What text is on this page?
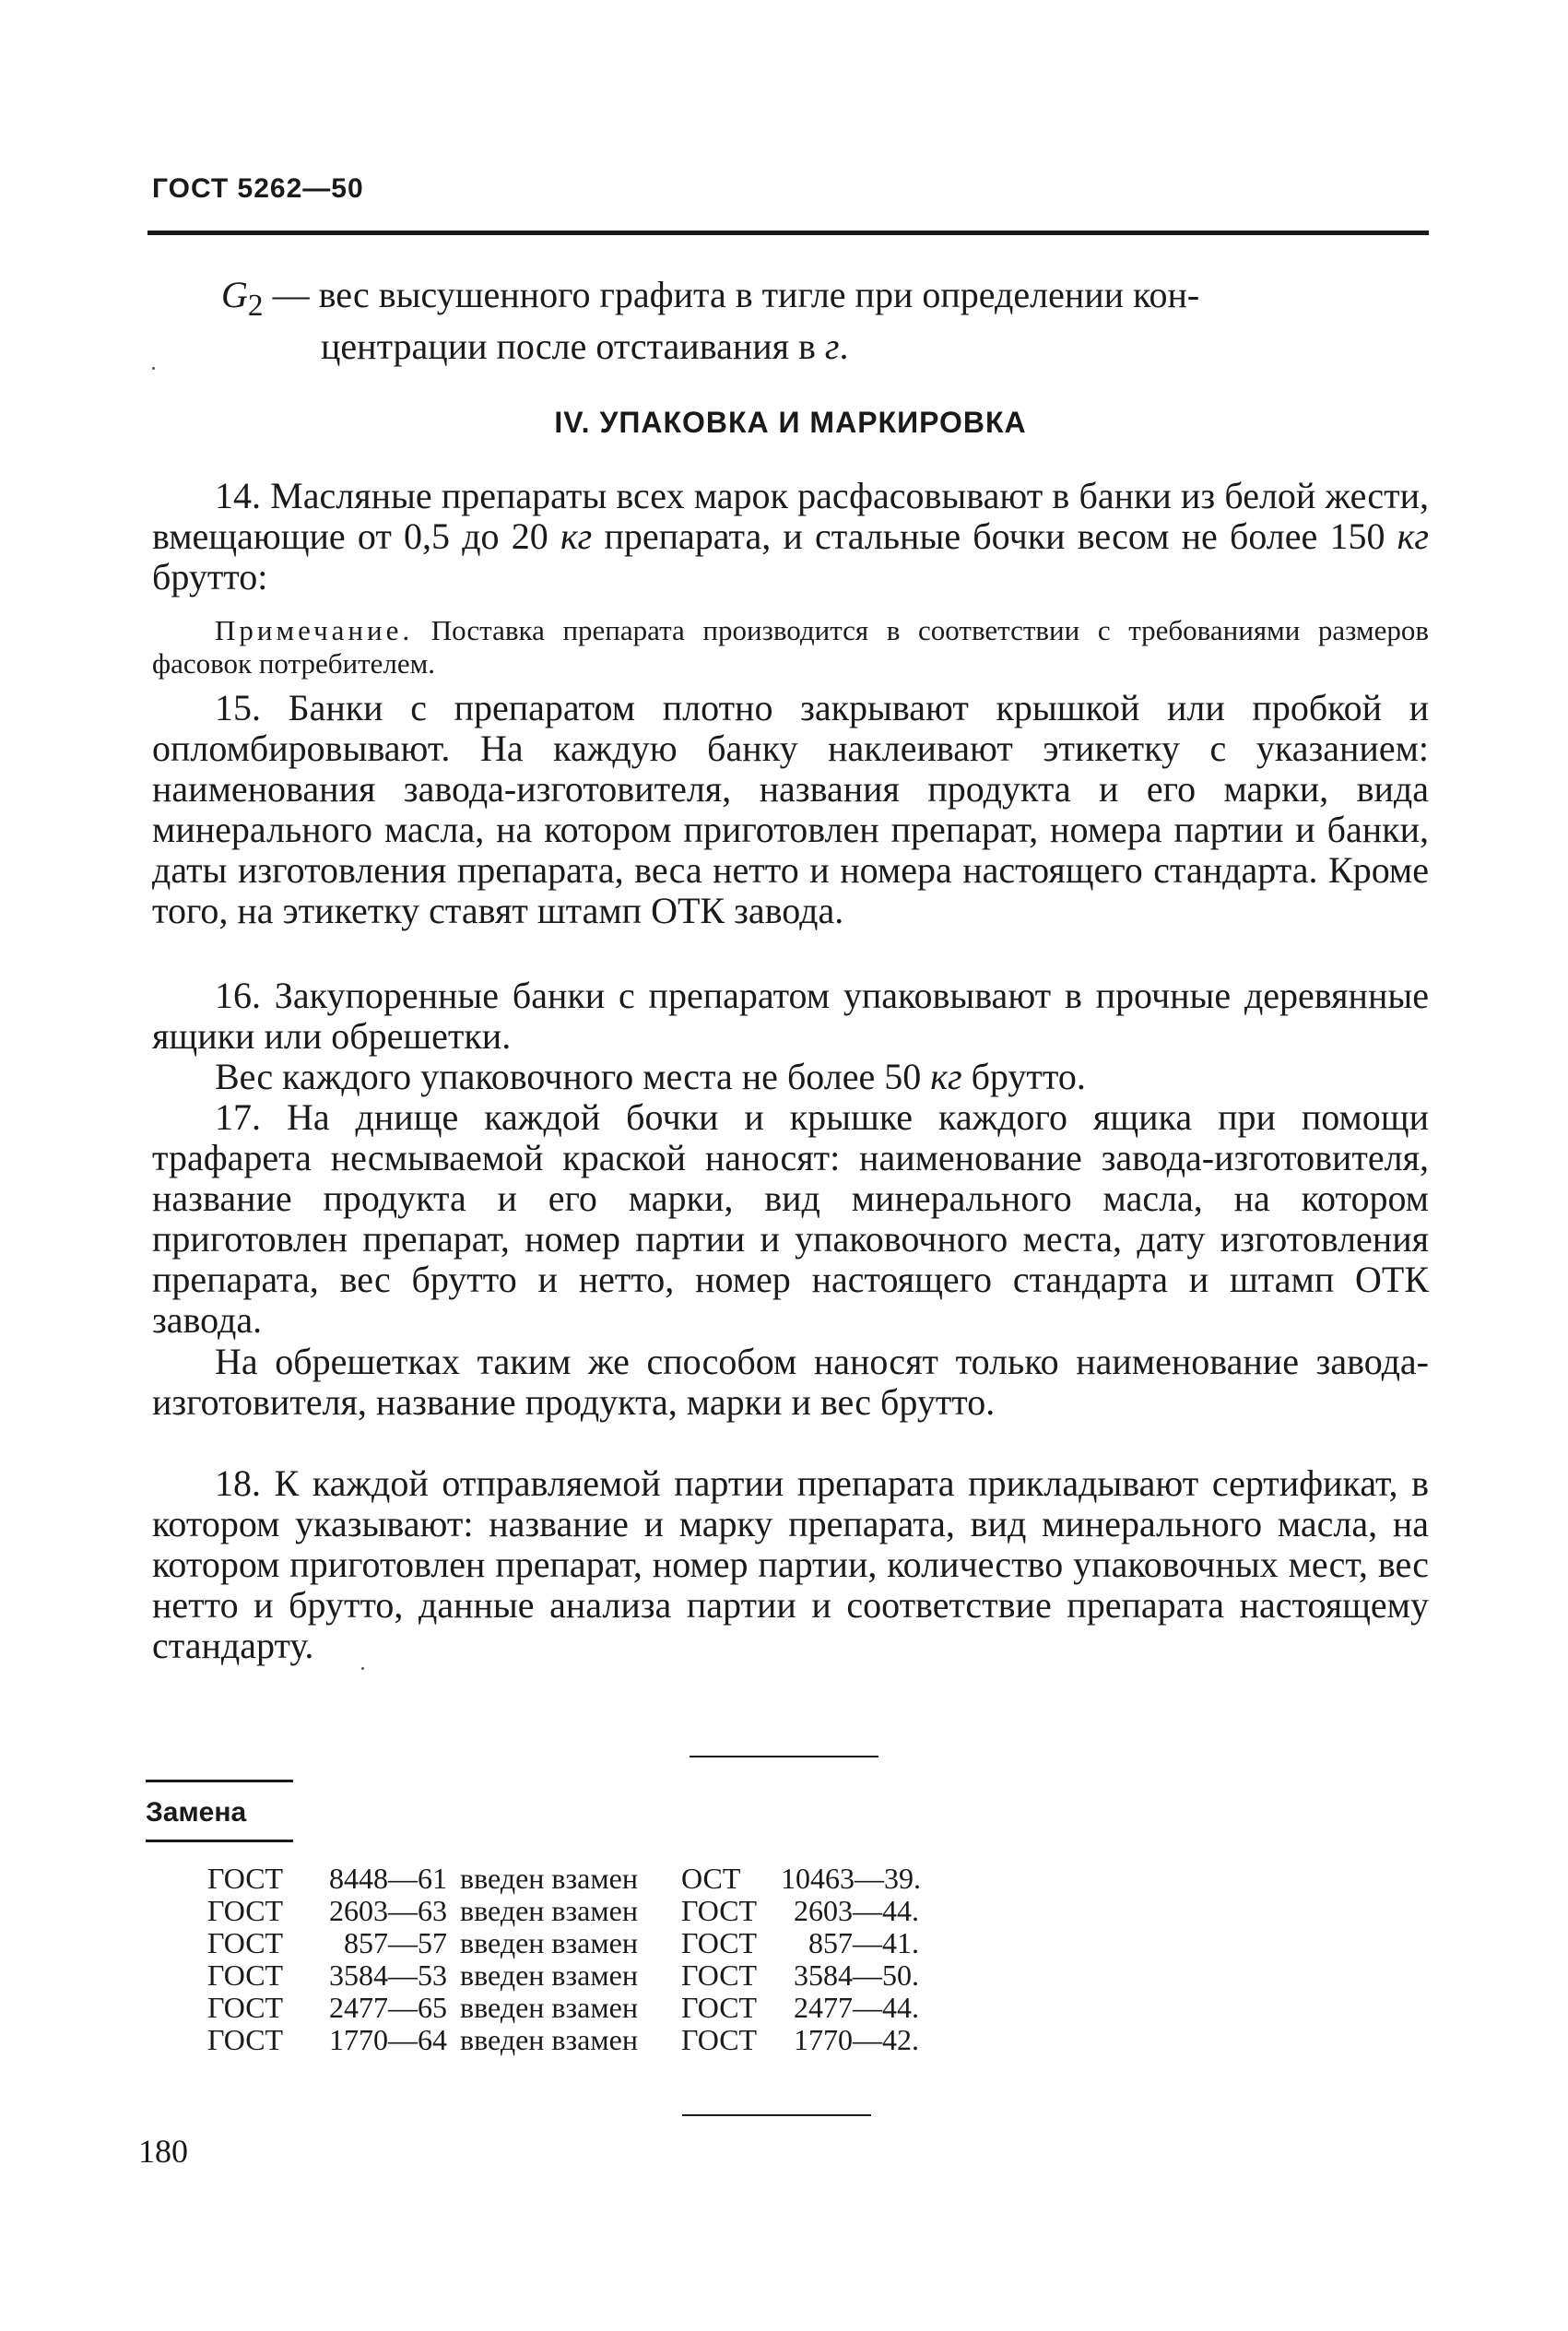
ГОСТ 5262—50
$G_2$ — вес высушенного графита в тигле при определении кон-
центрации после отстаивания в г.
IV. УПАКОВКА И МАРКИРОВКА
14. Масляные препараты всех марок расфасовывают в банки из белой жести, вмещающие от 0,5 до 20 кг препарата, и стальные бочки весом не более 150 кг брутто:
Примечание. Поставка препарата производится в соответствии с требованиями размеров фасовок потребителем.
15. Банки с препаратом плотно закрывают крышкой или пробкой и опломбировывают. На каждую банку наклеивают этикетку с указанием: наименования завода-изготовителя, названия продукта и его марки, вида минерального масла, на котором приготовлен препарат, номера партии и банки, даты изготовления препарата, веса нетто и номера настоящего стандарта. Кроме того, на этикетку ставят штамп ОТК завода.
16. Закупоренные банки с препаратом упаковывают в прочные деревянные ящики или обрешетки.
Вес каждого упаковочного места не более 50 кг брутто.
17. На днище каждой бочки и крышке каждого ящика при помощи трафарета несмываемой краской наносят: наименование завода-изготовителя, название продукта и его марки, вид минерального масла, на котором приготовлен препарат, номер партии и упаковочного места, дату изготовления препарата, вес брутто и нетто, номер настоящего стандарта и штамп ОТК завода.
На обрешетках таким же способом наносят только наименование завода-изготовителя, название продукта, марки и вес брутто.
18. К каждой отправляемой партии препарата прикладывают сертификат, в котором указывают: название и марку препарата, вид минерального масла, на котором приготовлен препарат, номер партии, количество упаковочных мест, вес нетто и брутто, данные анализа партии и соответствие препарата настоящему стандарту.
Замена
ГОСТ	8448—61 введен взамен	ОСТ	10463—39.
ГОСТ	2603—63 введен взамен	ГОСТ	2603—44.
ГОСТ	857—57 введен взамен	ГОСТ	857—41.
ГОСТ	3584—53 введен взамен	ГОСТ	3584—50.
ГОСТ	2477—65 введен взамен	ГОСТ	2477—44.
ГОСТ	1770—64 введен взамен	ГОСТ	1770—42.
180
